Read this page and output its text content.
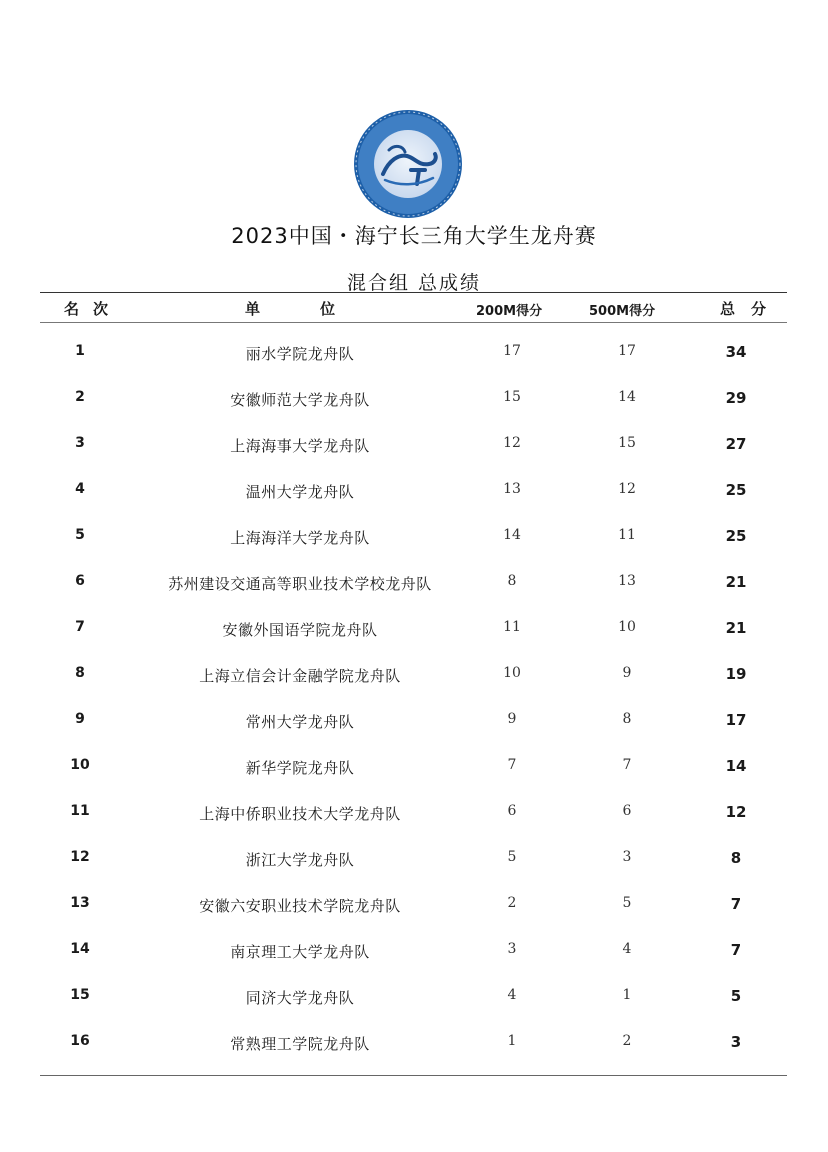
2023中国・海宁长三角大学生龙舟赛
混合组 总成绩
名次	单位	200M得分	500M得分	总分
1	丽水学院龙舟队	17	17	34
2	安徽师范大学龙舟队	15	14	29
3	上海海事大学龙舟队	12	15	27
4	温州大学龙舟队	13	12	25
5	上海海洋大学龙舟队	14	11	25
6	苏州建设交通高等职业技术学校龙舟队	8	13	21
7	安徽外国语学院龙舟队	11	10	21
8	上海立信会计金融学院龙舟队	10	9	19
9	常州大学龙舟队	9	8	17
10	新华学院龙舟队	7	7	14
11	上海中侨职业技术大学龙舟队	6	6	12
12	浙江大学龙舟队	5	3	8
13	安徽六安职业技术学院龙舟队	2	5	7
14	南京理工大学龙舟队	3	4	7
15	同济大学龙舟队	4	1	5
16	常熟理工学院龙舟队	1	2	3
